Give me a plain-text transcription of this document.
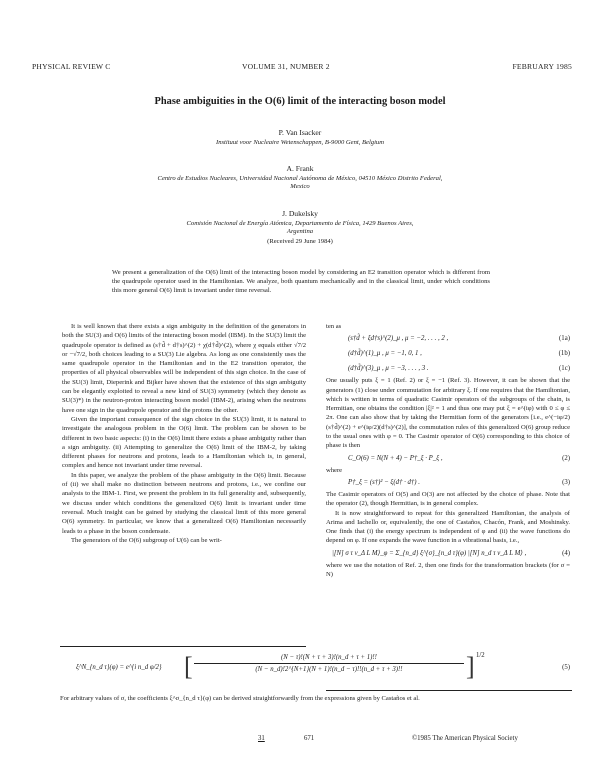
PHYSICAL REVIEW C	VOLUME 31, NUMBER 2	FEBRUARY 1985
Phase ambiguities in the O(6) limit of the interacting boson model
P. Van Isacker
Instituut voor Nucleaire Wetenschappen, B-9000 Gent, Belgium
A. Frank
Centro de Estudios Nucleares, Universidad Nacional Autónoma de México, 04510 México Distrito Federal, Mexico
J. Dukelsky
Comisión Nacional de Energía Atómica, Departamento de Física, 1429 Buenos Aires, Argentina
(Received 29 June 1984)
We present a generalization of the O(6) limit of the interacting boson model by considering an E2 transition operator which is different from the quadrupole operator used in the Hamiltonian. We analyze, both quantum mechanically and in the classical limit, under which conditions this more general O(6) limit is invariant under time reversal.

It is well known that there exists a sign ambiguity in the definition of the generators in both the SU(3) and O(6) limits of the interacting boson model (IBM). In the SU(3) limit the quadrupole operator is defined as (s†d̃ + d†s)^(2) + χ(d†d̃)^(2), where χ equals either √7/2 or −√7/2, both choices leading to a SU(3) Lie algebra. As long as one consistently uses the same quadrupole operator in the Hamiltonian and in the E2 transition operator, the properties of all physical observables will be independent of this sign choice. In the case of the SU(3) limit, Dieperink and Bijker have shown that the existence of this sign ambiguity can be elegantly exploited to reveal a new kind of SU(3) symmetry (which they denote as SU(3)*) in the neutron-proton interacting boson model (IBM-2), arising when the neutrons have one sign in the quadrupole operator and the protons the other.

Given the important consequence of the sign choice in the SU(3) limit, it is natural to investigate the analogous problem in the O(6) limit. The problem can be shown to be different in two basic aspects: (i) in the O(6) limit there exists a phase ambiguity rather than a sign ambiguity. (ii) Attempting to generalize the O(6) limit of the IBM-2, by taking different phases for neutrons and protons, leads to a Hamiltonian which is, in general, complex and hence not invariant under time reversal.

In this paper, we analyze the problem of the phase ambiguity in the O(6) limit. Because of (ii) we shall make no distinction between neutrons and protons, i.e., we confine our analysis to the IBM-1. First, we present the problem in its full generality and, subsequently, we discuss under which conditions the generalized O(6) limit is invariant under time reversal. Much insight can be gained by studying the classical limit of this more general O(6) symmetry. In particular, we know that a generalized O(6) Hamiltonian necessarily leads to a phase in the boson condensate.

The generators of the O(6) subgroup of U(6) can be writ-

ten as

(s†d̃ + ξd†s)^(2)_μ , μ = −2, . . . , 2 ,	(1a)
(d†d̃)^(1)_μ , μ = −1, 0, 1 ,	(1b)
(d†d̃)^(3)_μ , μ = −3, . . . , 3 .	(1c)

One usually puts ξ = 1 (Ref. 2) or ξ = −1 (Ref. 3). However, it can be shown that the generators (1) close under commutation for arbitrary ξ. If one requires that the Hamiltonian, which is written in terms of quadratic Casimir operators of the subgroups of the chain, is Hermitian, one obtains the condition |ξ|² = 1 and thus one may put ξ = e^(iφ) with 0 ≤ φ ≤ 2π. One can also show that by taking the Hermitian form of the generators [i.e., e^(−iφ/2)(s†d̃)^(2) + e^(iφ/2)(d†s)^(2)], the commutation rules of this generalized O(6) group reduce to the usual ones with φ = 0. The Casimir operator of O(6) corresponding to this choice of phase is then

C_O(6) = N(N + 4) − P†_ξ · P_ξ ,	(2)

where

P†_ξ = (s†)² − ξ(d† · d†) .	(3)

The Casimir operators of O(5) and O(3) are not affected by the choice of phase. Note that the operator (2), though Hermitian, is in general complex.

It is now straightforward to repeat for this generalized Hamiltonian, the analysis of Arima and Iachello or, equivalently, the one of Castaños, Chacón, Frank, and Moshinsky. One finds that (i) the energy spectrum is independent of φ and (ii) the wave functions do depend on φ. If one expands the wave function in a vibrational basis, i.e.,

|[N] σ τ ν_Δ L M⟩_φ = Σ_{n_d} ξ^{σ}_{n_d τ}(φ) |[N] n_d τ ν_Δ L M⟩ ,	(4)

where we use the notation of Ref. 2, then one finds for the transformation brackets (for σ = N)

ξ^N_{n_d τ}(φ) = e^{i n_d φ/2} [ $\frac{(N - \tau)!(N + \tau + 3)!(n\_d + \tau + 1)!!}{(N - n\_d)!2\^{}\{N+1\}(N + 1)!(n\_d - \tau)!!(n\_d + \tau + 3)!!}$ ] 1/2
(5)
For arbitrary values of σ, the coefficients ξ^σ_{n_d τ}(φ) can be derived straightforwardly from the expressions given by Castaños et al.
31	671	©1985 The American Physical Society
